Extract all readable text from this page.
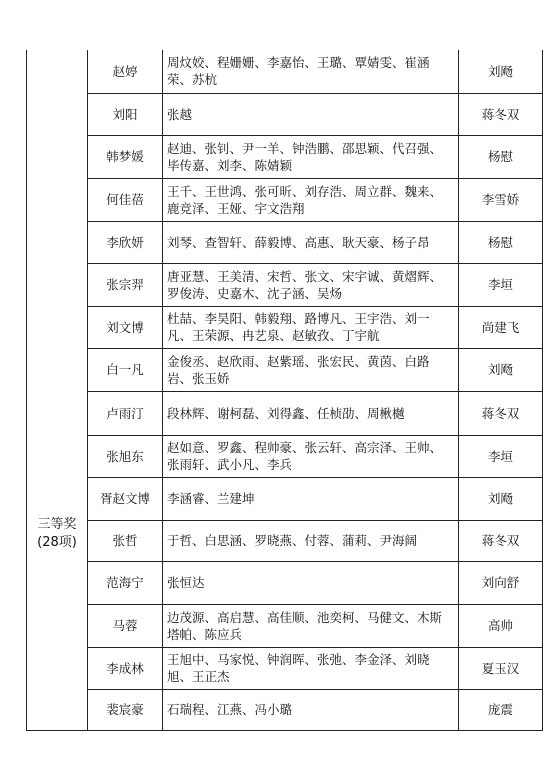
三等奖
(28项)	赵婷	周炆姣、程姗姗、李嘉怡、王璐、覃婧雯、崔涵荣、苏杭	刘飏
	刘阳	张越	蒋冬双
	韩梦媛	赵迪、张钊、尹一羊、钟浩鹏、邵思颖、代召强、毕传嘉、刘李、陈婧颖	杨慰
	何佳蓓	王千、王世鸿、张可昕、刘存浩、周立群、魏来、鹿竞泽、王娅、宇文浩翔	李雪娇
	李欣妍	刘琴、查智轩、薛毅博、高惠、耿天豪、杨子昂	杨慰
	张宗羿	唐亚慧、王美清、宋哲、张文、宋宇诚、黄熠辉、罗俊涛、史嘉木、沈子涵、吴炀	李垣
	刘文博	杜喆、李昊阳、韩毅翔、路博凡、王宇浩、刘一凡、王荣源、冉艺泉、赵敏孜、丁宇航	尚建飞
	白一凡	金俊丞、赵欣雨、赵紫瑶、张宏民、黄茵、白路岩、张玉娇	刘飏
	卢雨汀	段林辉、谢柯磊、刘得鑫、任桢劭、周楸樾	蒋冬双
	张旭东	赵如意、罗鑫、程帅豪、张云轩、高宗泽、王帅、张雨轩、武小凡、李兵	李垣
	胥赵文博	李涵睿、兰建坤	刘飏
	张哲	于哲、白思涵、罗晓燕、付蓉、蒲莉、尹海阔	蒋冬双
	范海宁	张恒达	刘向舒
	马蓉	边茂源、高启慧、高佳顺、池奕柯、马健文、木斯塔帕、陈应兵	高帅
	李成林	王旭中、马家悦、钟润晖、张弛、李金泽、刘晓旭、王正杰	夏玉汉
	裴宸豪	石瑞程、江燕、冯小璐	庞震
